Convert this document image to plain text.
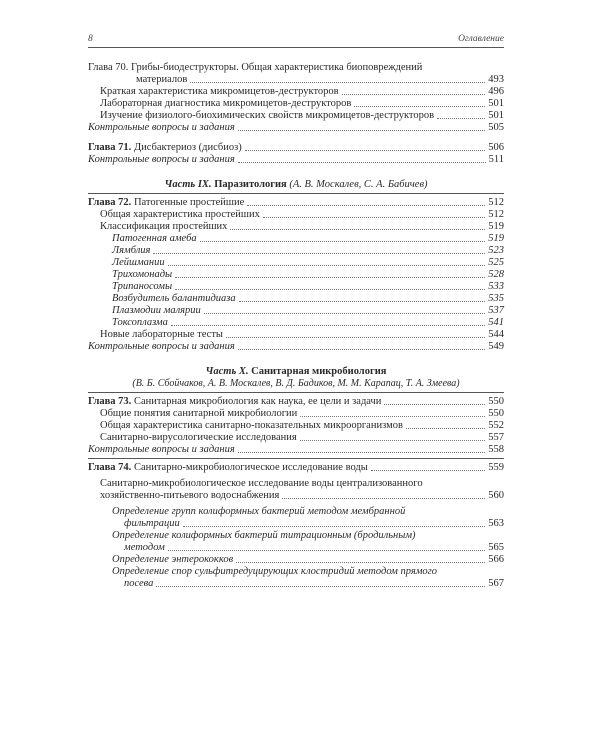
8	Оглавление
Глава 70. Грибы-биодеструкторы. Общая характеристика биоповреждений
материалов	493
Краткая характеристика микромицетов-деструкторов	496
Лабораторная диагностика микромицетов-деструкторов	501
Изучение физиолого-биохимических свойств микромицетов-деструкторов	501
Контрольные вопросы и задания	505
Глава 71. Дисбактериоз (дисбиоз)	506
Контрольные вопросы и задания	511
Часть IX. Паразитология (А. В. Москалев, С. А. Бабичев)
Глава 72. Патогенные простейшие	512
Общая характеристика простейших	512
Классификация простейших	519
Патогенная амеба	519
Лямблия	523
Лейшмании	525
Трихомонады	528
Трипаносомы	533
Возбудитель балантидиаза	535
Плазмодии малярии	537
Токсоплазма	541
Новые лабораторные тесты	544
Контрольные вопросы и задания	549
Часть X. Санитарная микробиология
(В. Б. Сбойчаков, А. В. Москалев, В. Д. Бадиков, М. М. Карапац, Т. А. Змеева)
Глава 73. Санитарная микробиология как наука, ее цели и задачи	550
Общие понятия санитарной микробиологии	550
Общая характеристика санитарно-показательных микроорганизмов	552
Санитарно-вирусологические исследования	557
Контрольные вопросы и задания	558
Глава 74. Санитарно-микробиологическое исследование воды	559
Санитарно-микробиологическое исследование воды централизованного
хозяйственно-питьевого водоснабжения	560
Определение групп колиформных бактерий методом мембранной
фильтрации	563
Определение колиформных бактерий титрационным (бродильным)
методом	565
Определение энтерококков	566
Определение спор сульфитредуцирующих клостридий методом прямого
посева	567
